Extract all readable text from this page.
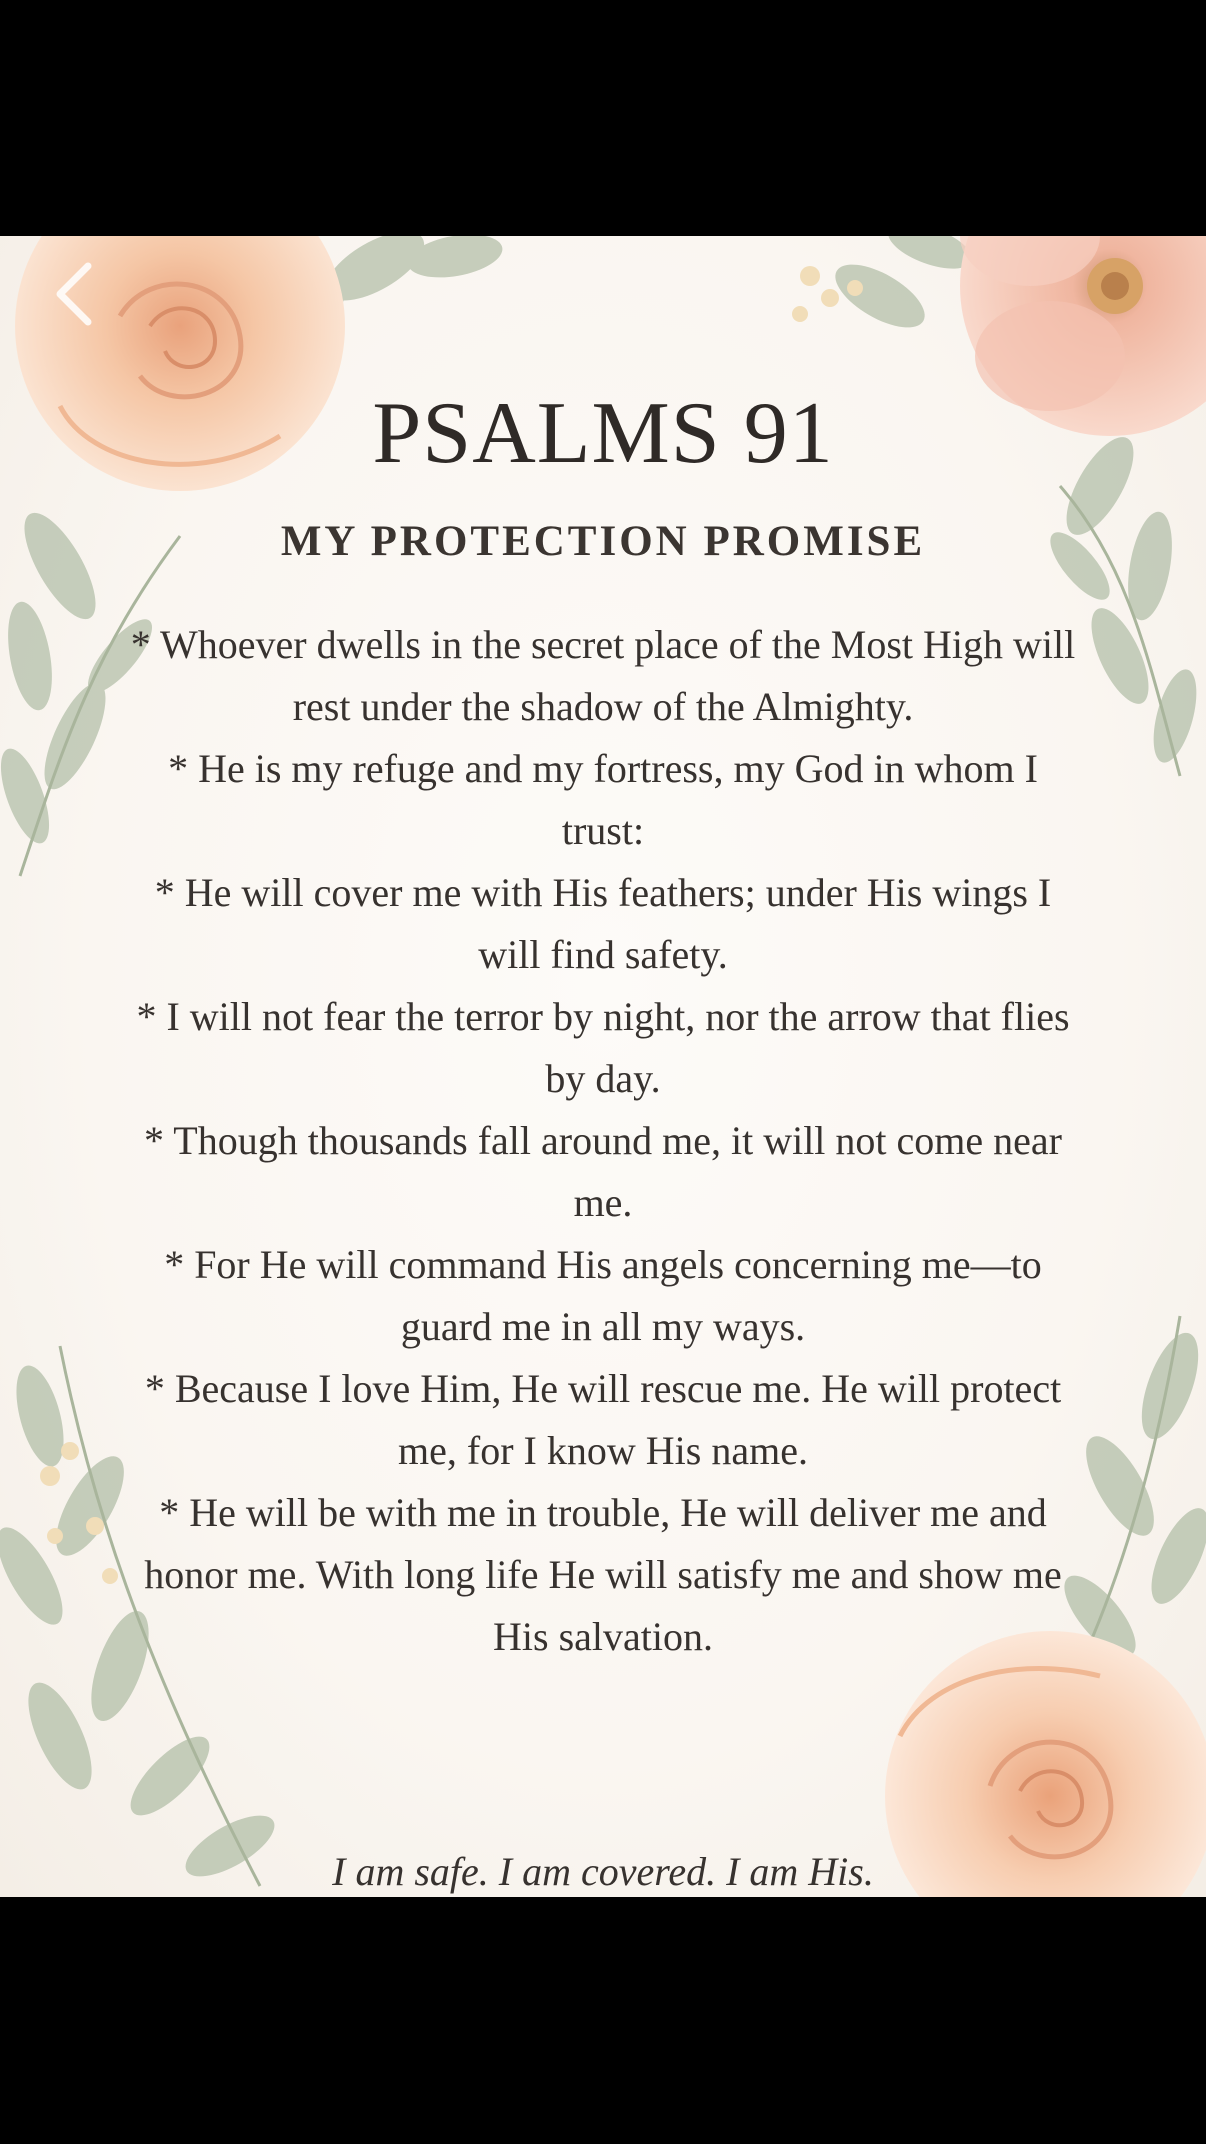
PSALMS 91
MY PROTECTION PROMISE

* Whoever dwells in the secret place of the Most High will rest under the shadow of the Almighty.

* He is my refuge and my fortress, my God in whom I trust:

* He will cover me with His feathers; under His wings I will find safety.

* I will not fear the terror by night, nor the arrow that flies by day.

* Though thousands fall around me, it will not come near me.

* For He will command His angels concerning me—to guard me in all my ways.

* Because I love Him, He will rescue me. He will protect me, for I know His name.

* He will be with me in trouble, He will deliver me and honor me. With long life He will satisfy me and show me His salvation.

I am safe. I am covered. I am His.
